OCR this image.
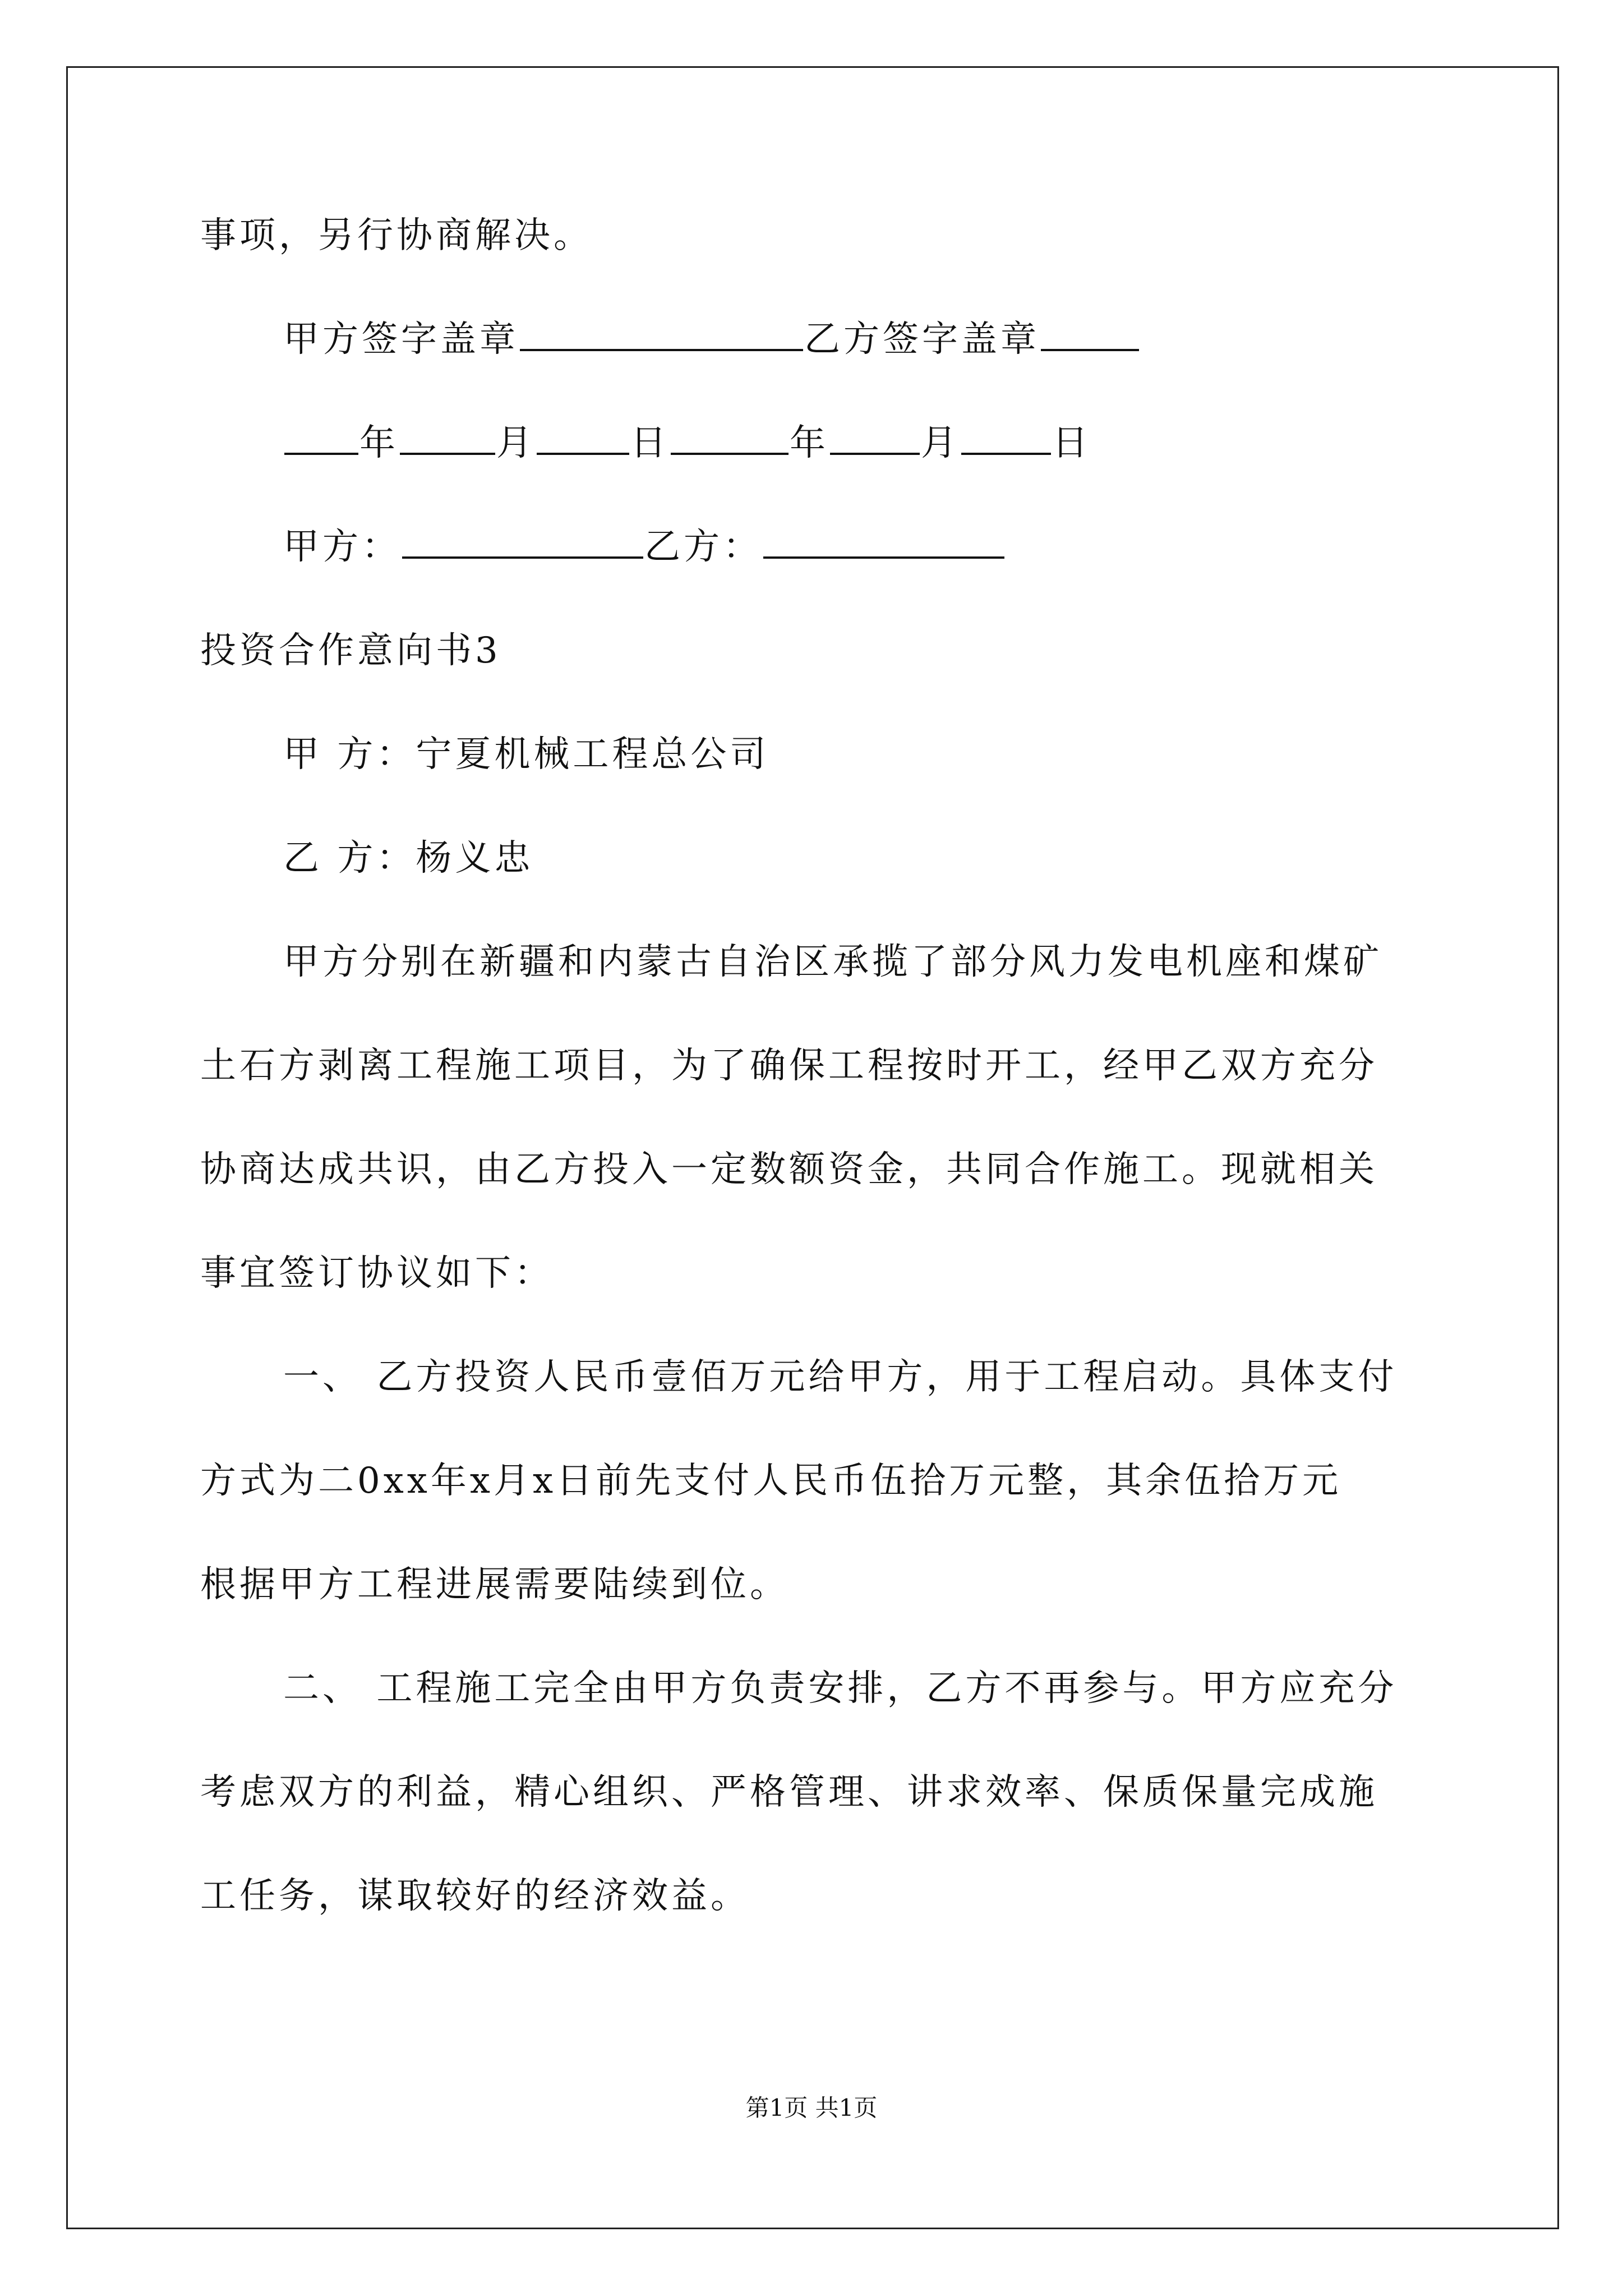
事项，另行协商解决。
甲方签字盖章	乙方签字盖章
年	月	日	年	月	日
甲方：	乙方：
投资合作意向书3
甲 方：宁夏机械工程总公司
乙 方：杨义忠
甲方分别在新疆和内蒙古自治区承揽了部分风力发电机座和煤矿
土石方剥离工程施工项目，为了确保工程按时开工，经甲乙双方充分
协商达成共识，由乙方投入一定数额资金，共同合作施工。现就相关
事宜签订协议如下：
一、 乙方投资人民币壹佰万元给甲方，用于工程启动。具体支付
方式为二0xx年x月x日前先支付人民币伍拾万元整，其余伍拾万元
根据甲方工程进展需要陆续到位。
二、 工程施工完全由甲方负责安排，乙方不再参与。甲方应充分
考虑双方的利益，精心组织、严格管理、讲求效率、保质保量完成施
工任务，谋取较好的经济效益。
第1页 共1页
